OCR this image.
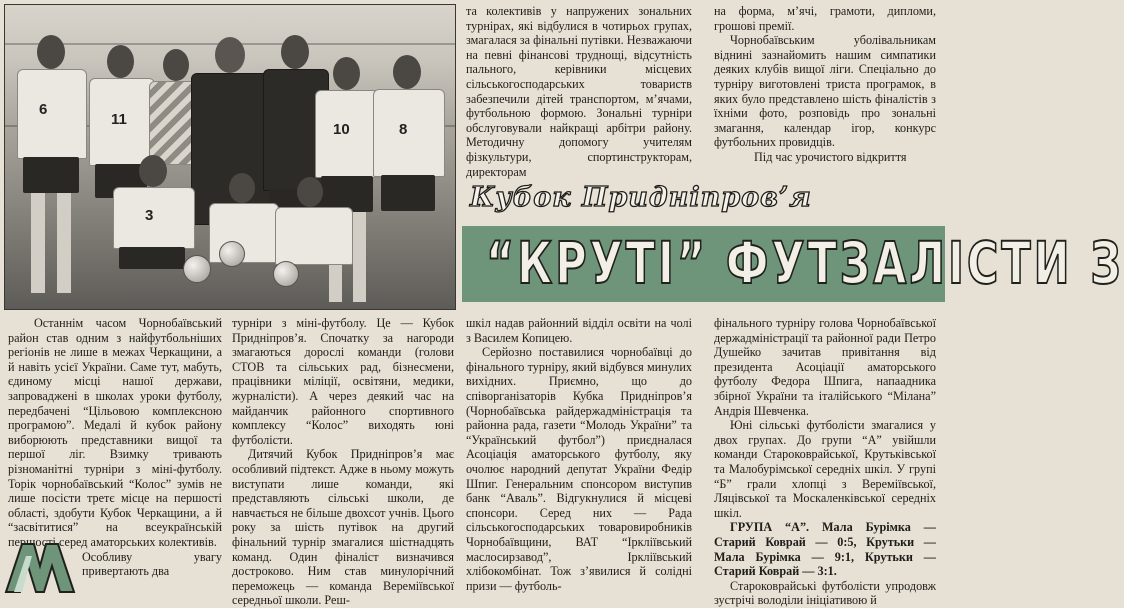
6
11
10	8
3

та колективів у напружених зональних турнірах, які відбулися в чотирьох групах, змагалася за фінальні путівки. Незважаючи на певні фінансові труднощі, відсутність пального, керівники місцевих сільськогосподарських товариств забезпечили дітей транспортом, м’ячами, футбольною формою. Зональні турніри обслуговували найкращі арбітри району. Методичну допомогу учителям фізкультури, спортинструкторам, директорам

на форма, м’ячі, грамоти, дипломи, грошові премії.

Чорнобаївським уболівальникам віднині зазнайомить нашим симпатики деяких клубів вищої ліги. Спеціально до турніру виготовлені триста програмок, в яких було представлено шість фіналістів з їхніми фото, розповідь про зональні змагання, календар ігор, конкурс футбольних провидців.

Під час урочистого відкриття

Кубок Придніпров’я
“КРУТІ” ФУТЗАЛІСТИ З

Останнім часом Чорнобаївський район став одним з найфутбольніших регіонів не лише в межах Черкащини, а й навіть усієї України. Саме тут, мабуть, єдиному місці нашої держави, запроваджені в школах уроки футболу, передбачені “Цільовою комплексною програмою”. Медалі й кубок району виборюють представники вищої та першої ліг. Взимку тривають різноманітні турніри з міні-футболу. Торік чорнобаївський “Колос” зумів не лише посісти третє місце на першості області, здобути Кубок Черкащини, а й “засвітитися” на всеукраїнській першості серед аматорських колективів.

Особливу увагу привертають два

турніри з міні-футболу. Це — Кубок Придніпров’я. Спочатку за нагороди змагаються дорослі команди (голови СТОВ та сільських рад, бізнесмени, працівники міліції, освітяни, медики, журналісти). А через деякий час на майданчик районного спортивного комплексу “Колос” виходять юні футболісти.

Дитячий Кубок Придніпров’я має особливий підтекст. Адже в ньому можуть виступати лише команди, які представляють сільські школи, де навчається не більше двохсот учнів. Цього року за шість путівок на другий фінальний турнір змагалися шістнадцять команд. Один фіналіст визначився достроково. Ним став минулорічний переможець — команда Веремiївської середньої школи. Реш-

шкіл надав районний відділ освіти на чолі з Василем Копицею.

Серйозно поставилися чорнобаївці до фінального турніру, який відбувся минулих вихідних. Приємно, що до співорганізаторів Кубка Придніпров’я (Чорнобаївська райдержадміністрація та районна рада, газети “Молодь України” та “Український футбол”) приєдналася Асоціація аматорського футболу, яку очолює народний депутат України Федір Шпиг. Генеральним спонсором виступив банк “Аваль”. Відгукнулися й місцеві спонсори. Серед них — Рада сільськогосподарських товаровиробників Чорнобаївщини, ВАТ “Іркліївський маслосирзавод”, Іркліївський хлібокомбінат. Тож з’явилися й солідні призи — футболь-

фінального турніру голова Чорнобаївської держадміністрації та районної ради Петро Душейко зачитав привітання від президента Асоціації аматорського футболу Федора Шпига, напаадника збірної України та італійського “Мілана” Андрія Шевченка.

Юні сільські футболісти змагалися у двох групах. До групи “А” увійшли команди Староковрайської, Крутьківської та Малобурімської середніх шкіл. У групі “Б” грали хлопці з Веремiївської, Ляцівської та Москаленківської середніх шкіл.

ГРУПА “А”. Мала Бурімка — Старий Коврай — 0:5, Крутьки — Мала Бурімка — 9:1, Крутьки — Старий Коврай — 3:1.

Староковрайські футболісти упродовж зустрічі володіли ініціативою й
